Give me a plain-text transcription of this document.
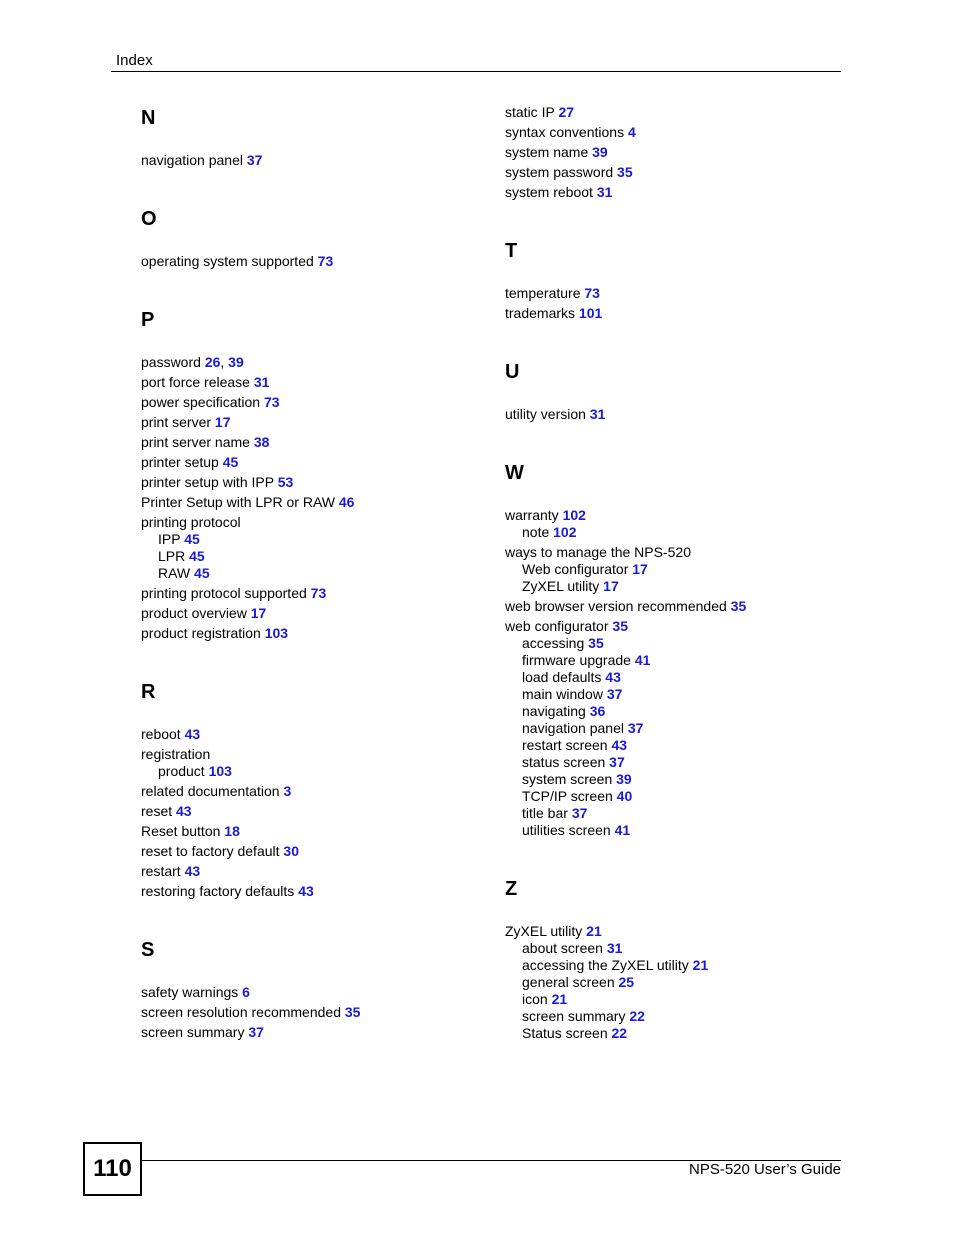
Index
N
navigation panel 37
O
operating system supported 73
P
password 26, 39
port force release 31
power specification 73
print server 17
print server name 38
printer setup 45
printer setup with IPP 53
Printer Setup with LPR or RAW 46
printing protocol
IPP 45
LPR 45
RAW 45
printing protocol supported 73
product overview 17
product registration 103
R
reboot 43
registration
product 103
related documentation 3
reset 43
Reset button 18
reset to factory default 30
restart 43
restoring factory defaults 43
S
safety warnings 6
screen resolution recommended 35
screen summary 37
static IP 27
syntax conventions 4
system name 39
system password 35
system reboot 31
T
temperature 73
trademarks 101
U
utility version 31
W
warranty 102
note 102
ways to manage the NPS-520
Web configurator 17
ZyXEL utility 17
web browser version recommended 35
web configurator 35
accessing 35
firmware upgrade 41
load defaults 43
main window 37
navigating 36
navigation panel 37
restart screen 43
status screen 37
system screen 39
TCP/IP screen 40
title bar 37
utilities screen 41
Z
ZyXEL utility 21
about screen 31
accessing the ZyXEL utility 21
general screen 25
icon 21
screen summary 22
Status screen 22
110	NPS-520 User’s Guide
